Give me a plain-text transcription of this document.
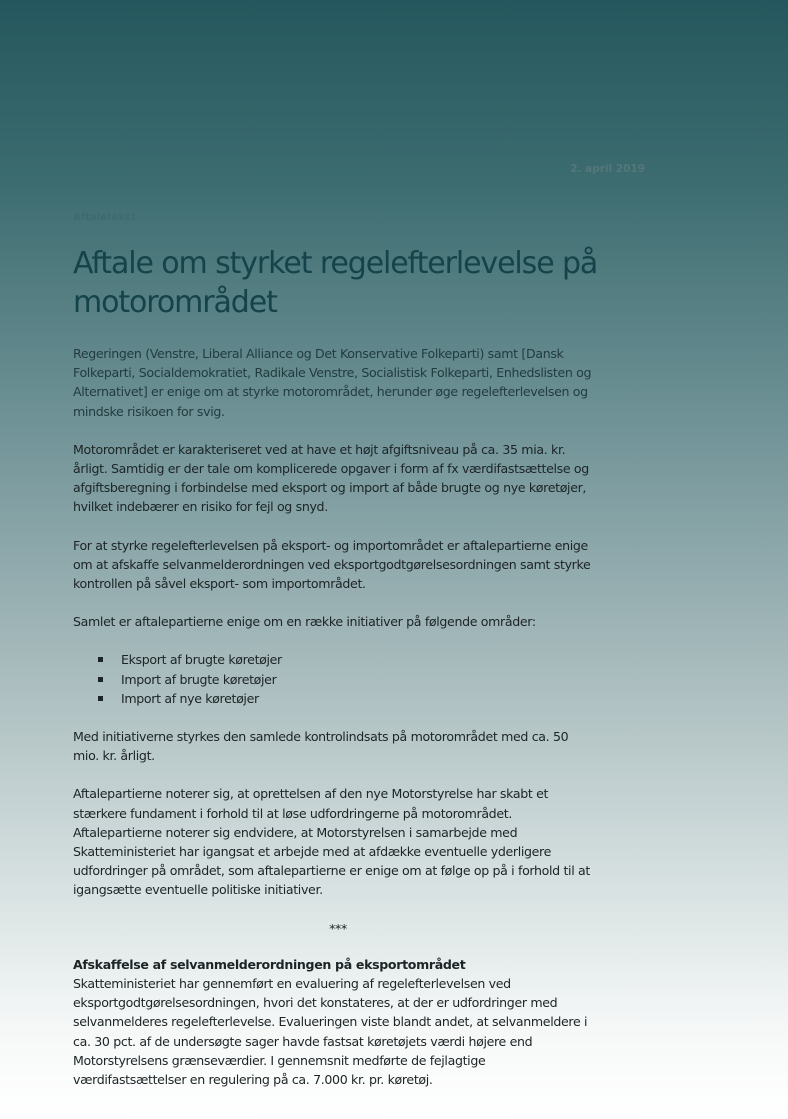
2. april 2019
Aftaletekst
Aftale om styrket regelefterlevelse på motorområdet

Regeringen (Venstre, Liberal Alliance og Det Konservative Folkeparti) samt [Dansk Folkeparti, Socialdemokratiet, Radikale Venstre, Socialistisk Folkeparti, Enhedslisten og Alternativet] er enige om at styrke motorområdet, herunder øge regelefterlevelsen og mindske risikoen for svig.

Motorområdet er karakteriseret ved at have et højt afgiftsniveau på ca. 35 mia. kr. årligt. Samtidig er der tale om komplicerede opgaver i form af fx værdifastsættelse og afgiftsberegning i forbindelse med eksport og import af både brugte og nye køretøjer, hvilket indebærer en risiko for fejl og snyd.

For at styrke regelefterlevelsen på eksport- og importområdet er aftalepartierne enige om at afskaffe selvanmelderordningen ved eksportgodtgørelsesordningen samt styrke kontrollen på såvel eksport- som importområdet.

Samlet er aftalepartierne enige om en række initiativer på følgende områder:

Eksport af brugte køretøjer
Import af brugte køretøjer
Import af nye køretøjer

Med initiativerne styrkes den samlede kontrolindsats på motorområdet med ca. 50 mio. kr. årligt.

Aftalepartierne noterer sig, at oprettelsen af den nye Motorstyrelse har skabt et stærkere fundament i forhold til at løse udfordringerne på motorområdet. Aftalepartierne noterer sig endvidere, at Motorstyrelsen i samarbejde med Skatteministeriet har igangsat et arbejde med at afdække eventuelle yderligere udfordringer på området, som aftalepartierne er enige om at følge op på i forhold til at igangsætte eventuelle politiske initiativer.

***

Afskaffelse af selvanmelderordningen på eksportområdet

Skatteministeriet har gennemført en evaluering af regelefterlevelsen ved eksportgodtgørelsesordningen, hvori det konstateres, at der er udfordringer med selvanmelderes regelefterlevelse. Evalueringen viste blandt andet, at selvanmeldere i ca. 30 pct. af de undersøgte sager havde fastsat køretøjets værdi højere end Motorstyrelsens grænseværdier. I gennemsnit medførte de fejlagtige værdifastsættelser en regulering på ca. 7.000 kr. pr. køretøj.
